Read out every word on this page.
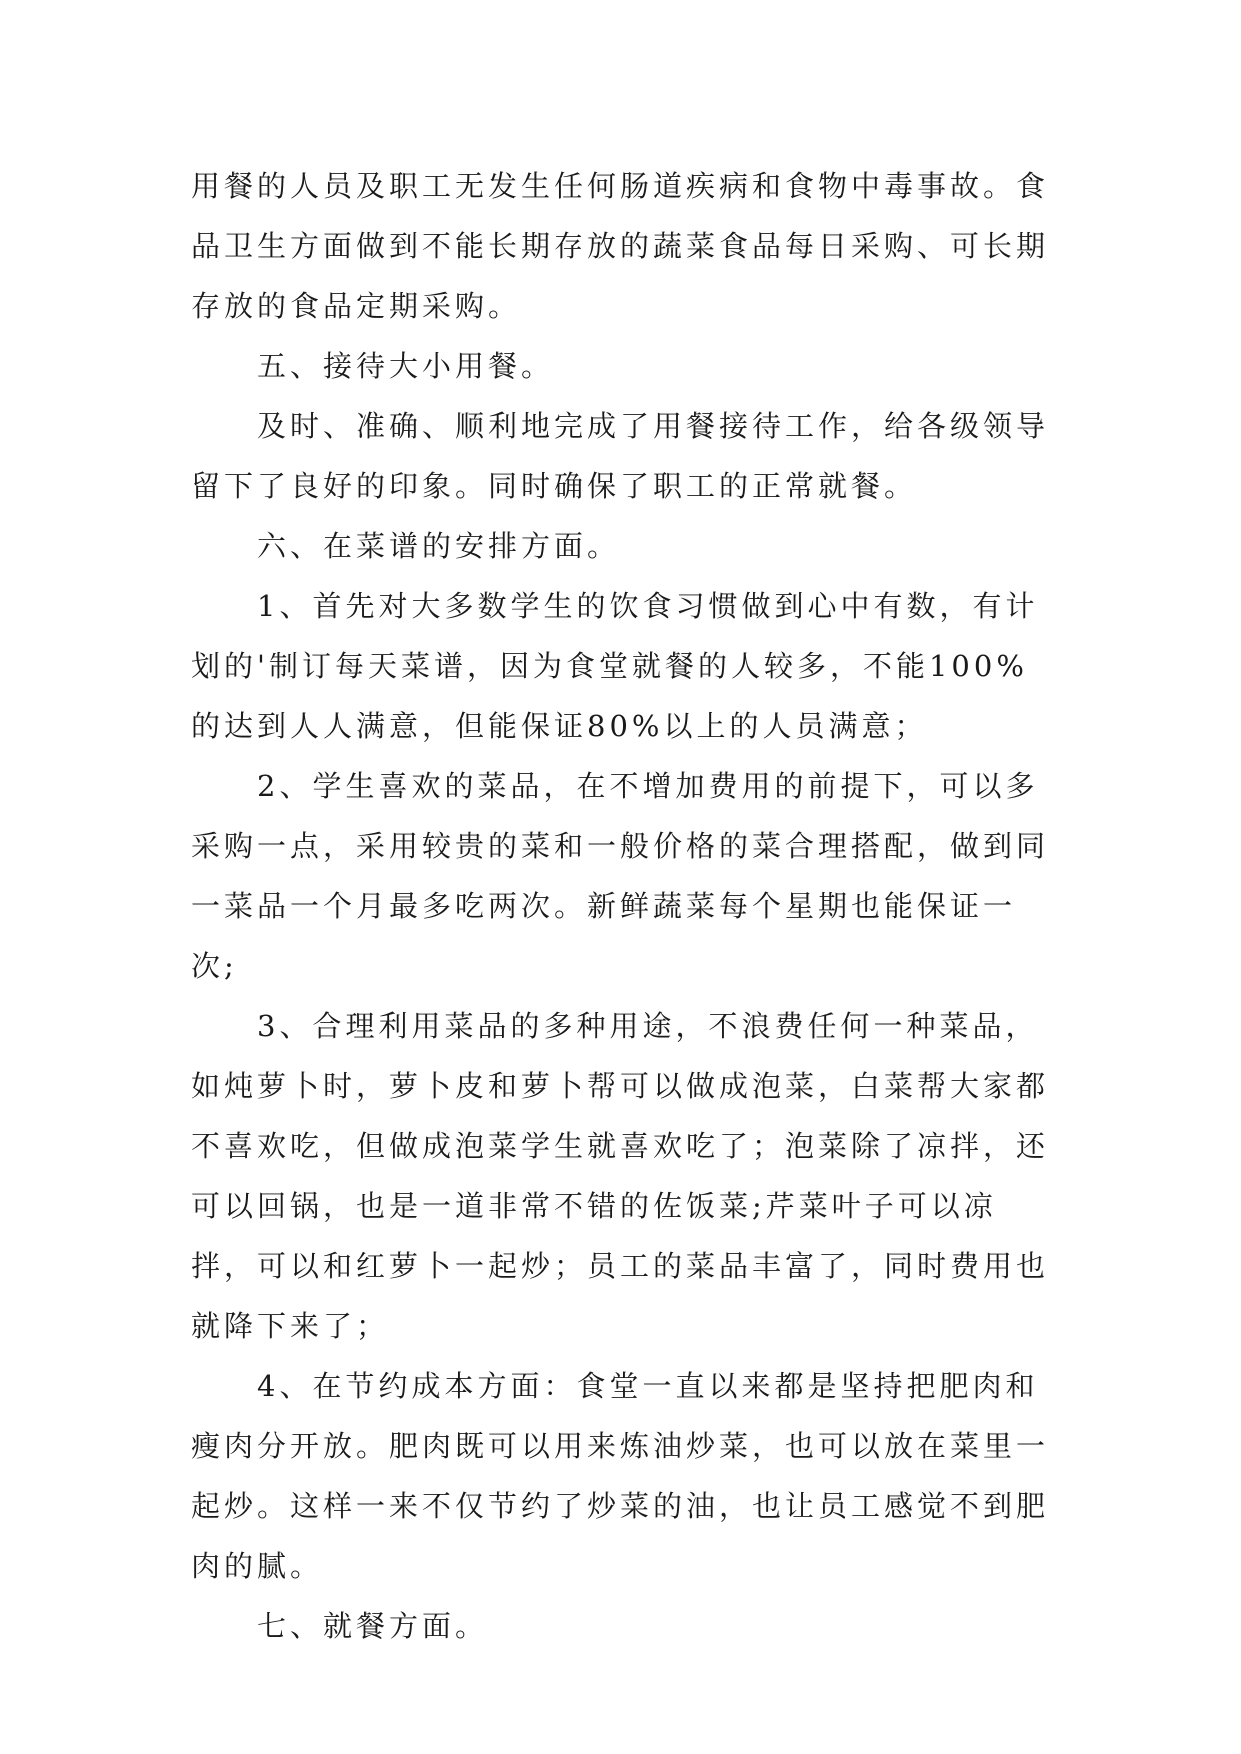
用餐的人员及职工无发生任何肠道疾病和食物中毒事故。食品卫生方面做到不能长期存放的蔬菜食品每日采购、可长期存放的食品定期采购。

五、接待大小用餐。

及时、准确、顺利地完成了用餐接待工作，给各级领导留下了良好的印象。同时确保了职工的正常就餐。

六、在菜谱的安排方面。

1、首先对大多数学生的饮食习惯做到心中有数，有计划的'制订每天菜谱，因为食堂就餐的人较多，不能100%的达到人人满意，但能保证80%以上的人员满意；

2、学生喜欢的菜品，在不增加费用的前提下，可以多采购一点，采用较贵的菜和一般价格的菜合理搭配，做到同一菜品一个月最多吃两次。新鲜蔬菜每个星期也能保证一次;

3、合理利用菜品的多种用途，不浪费任何一种菜品，如炖萝卜时，萝卜皮和萝卜帮可以做成泡菜，白菜帮大家都不喜欢吃，但做成泡菜学生就喜欢吃了；泡菜除了凉拌，还可以回锅，也是一道非常不错的佐饭菜;芹菜叶子可以凉拌，可以和红萝卜一起炒；员工的菜品丰富了，同时费用也就降下来了；

4、在节约成本方面：食堂一直以来都是坚持把肥肉和瘦肉分开放。肥肉既可以用来炼油炒菜，也可以放在菜里一起炒。这样一来不仅节约了炒菜的油，也让员工感觉不到肥肉的腻。

七、就餐方面。
